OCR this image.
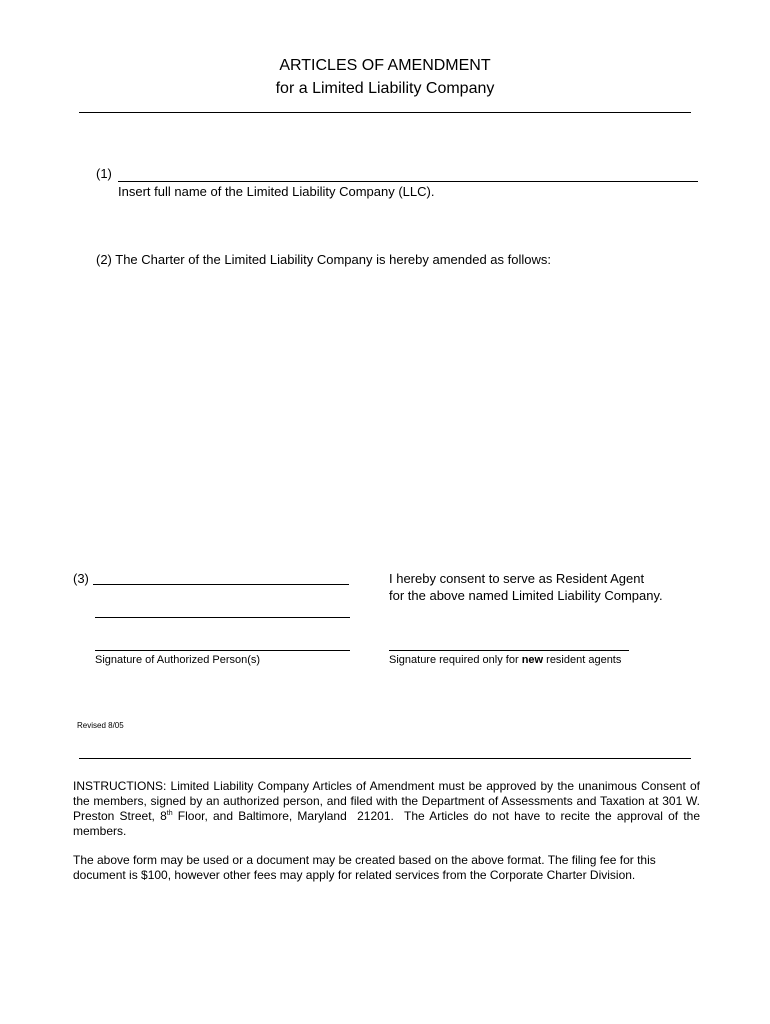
ARTICLES OF AMENDMENT
for a Limited Liability Company
(1)
Insert full name of the Limited Liability Company (LLC).
(2) The Charter of the Limited Liability Company is hereby amended as follows:
(3)
Signature of Authorized Person(s)
I hereby consent to serve as Resident Agent
for the above named Limited Liability Company.
Signature required only for new resident agents
Revised 8/05
INSTRUCTIONS: Limited Liability Company Articles of Amendment must be approved by the unanimous Consent of the members, signed by an authorized person, and filed with the Department of Assessments and Taxation at 301 W. Preston Street, 8th Floor, and Baltimore, Maryland  21201.  The Articles do not have to recite the approval of the members.
The above form may be used or a document may be created based on the above format. The filing fee for this document is $100, however other fees may apply for related services from the Corporate Charter Division.
